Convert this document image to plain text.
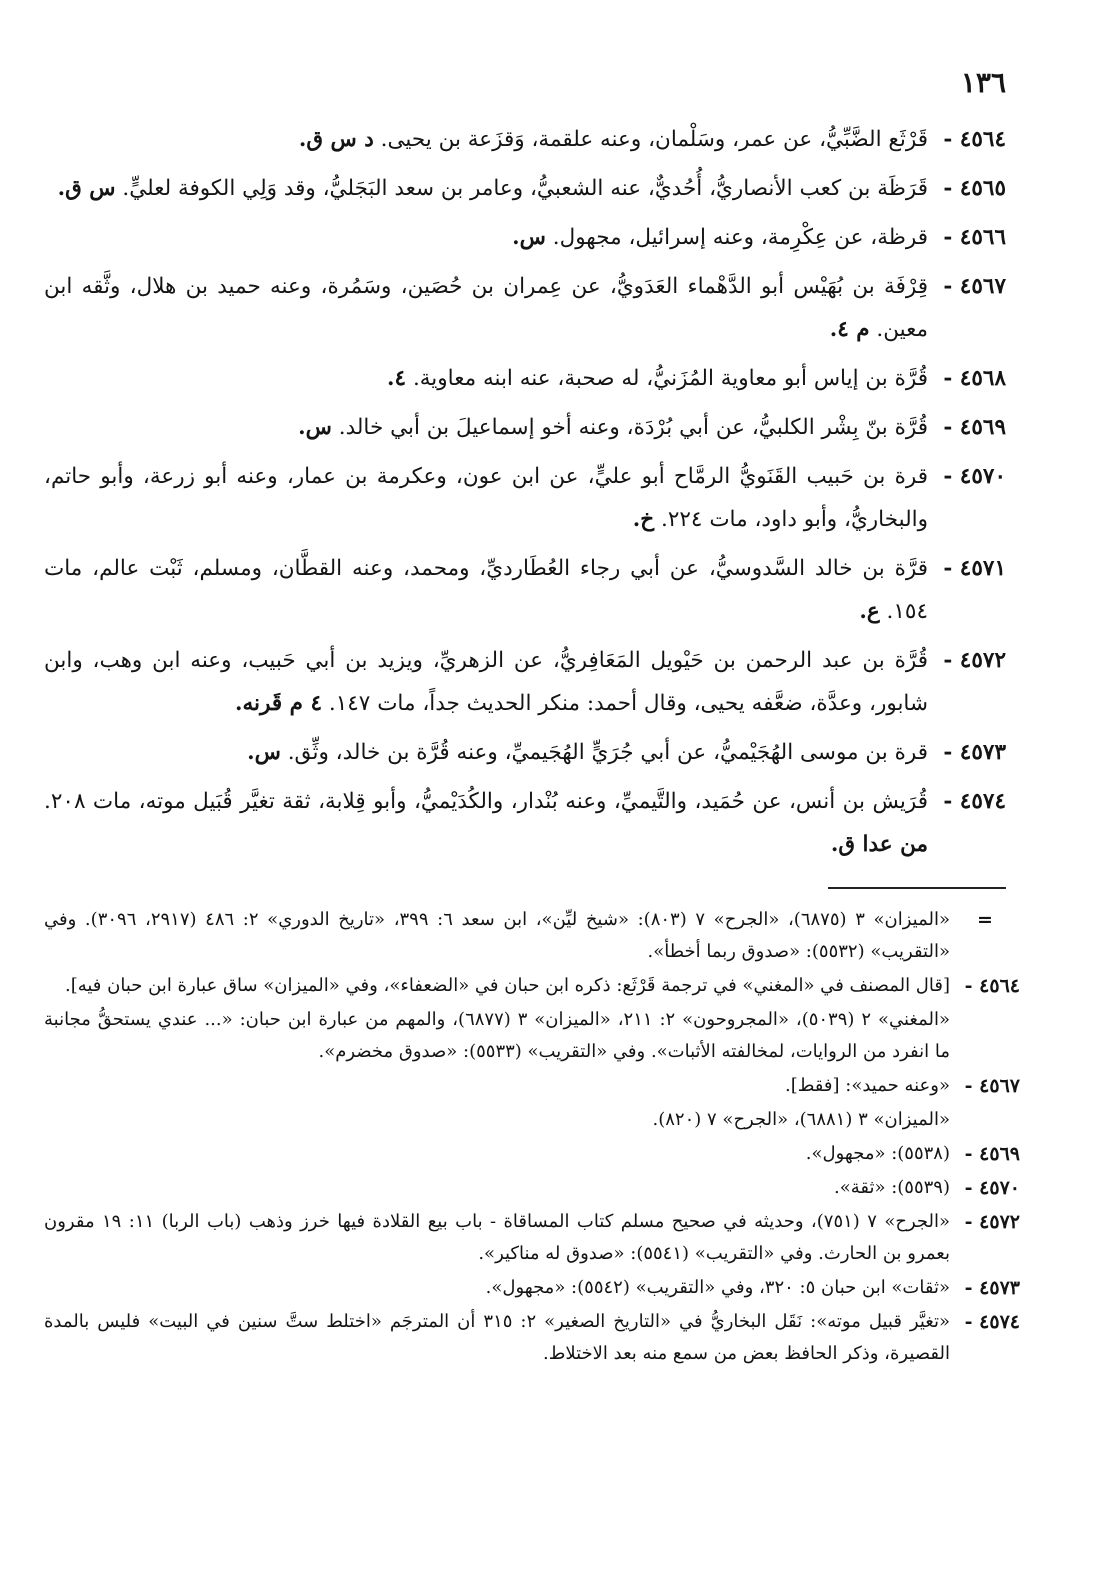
١٣٦
٤٥٦٤ -
قَرْثَع الضَّبِّيُّ، عن عمر، وسَلْمان، وعنه علقمة، وَقزَعة بن يحيى. د س ق.
٤٥٦٥ -
قَرَظَة بن كعب الأنصاريُّ، أُحُديٌّ، عنه الشعبيُّ، وعامر بن سعد البَجَليُّ، وقد وَلِي الكوفة لعليٍّ. س ق.
٤٥٦٦ -
قرظة، عن عِكْرِمة، وعنه إسرائيل، مجهول. س.
٤٥٦٧ -
قِرْفَة بن بُهَيْس أبو الدَّهْماء العَدَويُّ، عن عِمران بن حُصَين، وسَمُرة، وعنه حميد بن هلال، وثَّقه ابن معين. م ٤.
٤٥٦٨ -
قُرَّة بن إياس أبو معاوية المُزَنيُّ، له صحبة، عنه ابنه معاوية. ٤.
٤٥٦٩ -
قُرَّة بنّ بِشْر الكلبيُّ، عن أبي بُرْدَة، وعنه أخو إسماعيلَ بن أبي خالد. س.
٤٥٧٠ -
قرة بن حَبيب القَنَويُّ الرمَّاح أبو عليٍّ، عن ابن عون، وعكرمة بن عمار، وعنه أبو زرعة، وأبو حاتم، والبخاريُّ، وأبو داود، مات ٢٢٤. خ.
٤٥٧١ -
قرَّة بن خالد السَّدوسيُّ، عن أبي رجاء العُطَارديِّ، ومحمد، وعنه القطَّان، ومسلم، ثَبْت عالم، مات ١٥٤. ع.
٤٥٧٢ -
قُرَّة بن عبد الرحمن بن حَيْويل المَعَافِريُّ، عن الزهريِّ، ويزيد بن أبي حَبيب، وعنه ابن وهب، وابن شابور، وعدَّة، ضعَّفه يحيى، وقال أحمد: منكر الحديث جداً، مات ١٤٧. ٤ م قَرنه.
٤٥٧٣ -
قرة بن موسى الهُجَيْميُّ، عن أبي جُرَيٍّ الهُجَيميِّ، وعنه قُرَّة بن خالد، وثِّق. س.
٤٥٧٤ -
قُرَيش بن أنس، عن حُمَيد، والتَّيميِّ، وعنه بُنْدار، والكُدَيْميُّ، وأبو قِلابة، ثقة تغيَّر قُبَيل موته، مات ٢٠٨. من عدا ق.
=
«الميزان» ٣ (٦٨٧٥)، «الجرح» ٧ (٨٠٣): «شيخ ليِّن»، ابن سعد ٦: ٣٩٩، «تاريخ الدوري» ٢: ٤٨٦ (٢٩١٧، ٣٠٩٦). وفي «التقريب» (٥٥٣٢): «صدوق ربما أخطأ».
٤٥٦٤ -
[قال المصنف في «المغني» في ترجمة قَرْثَع: ذكره ابن حبان في «الضعفاء»، وفي «الميزان» ساق عبارة ابن حبان فيه].
«المغني» ٢ (٥٠٣٩)، «المجروحون» ٢: ٢١١، «الميزان» ٣ (٦٨٧٧)، والمهم من عبارة ابن حبان: «... عندي يستحقُّ مجانبة ما انفرد من الروايات، لمخالفته الأثبات». وفي «التقريب» (٥٥٣٣): «صدوق مخضرم».
٤٥٦٧ -
«وعنه حميد»: [فقط].
«الميزان» ٣ (٦٨٨١)، «الجرح» ٧ (٨٢٠).
٤٥٦٩ -
(٥٥٣٨): «مجهول».
٤٥٧٠ -
(٥٥٣٩): «ثقة».
٤٥٧٢ -
«الجرح» ٧ (٧٥١)، وحديثه في صحيح مسلم كتاب المساقاة - باب بيع القلادة فيها خرز وذهب (باب الربا) ١١: ١٩ مقرون بعمرو بن الحارث. وفي «التقريب» (٥٥٤١): «صدوق له مناكير».
٤٥٧٣ -
«ثقات» ابن حبان ٥: ٣٢٠، وفي «التقريب» (٥٥٤٢): «مجهول».
٤٥٧٤ -
«تغيَّر قبيل موته»: نَقَل البخاريُّ في «التاريخ الصغير» ٢: ٣١٥ أن المترجَم «اختلط ستَّ سنين في البيت» فليس بالمدة القصيرة، وذكر الحافظ بعض من سمع منه بعد الاختلاط.
